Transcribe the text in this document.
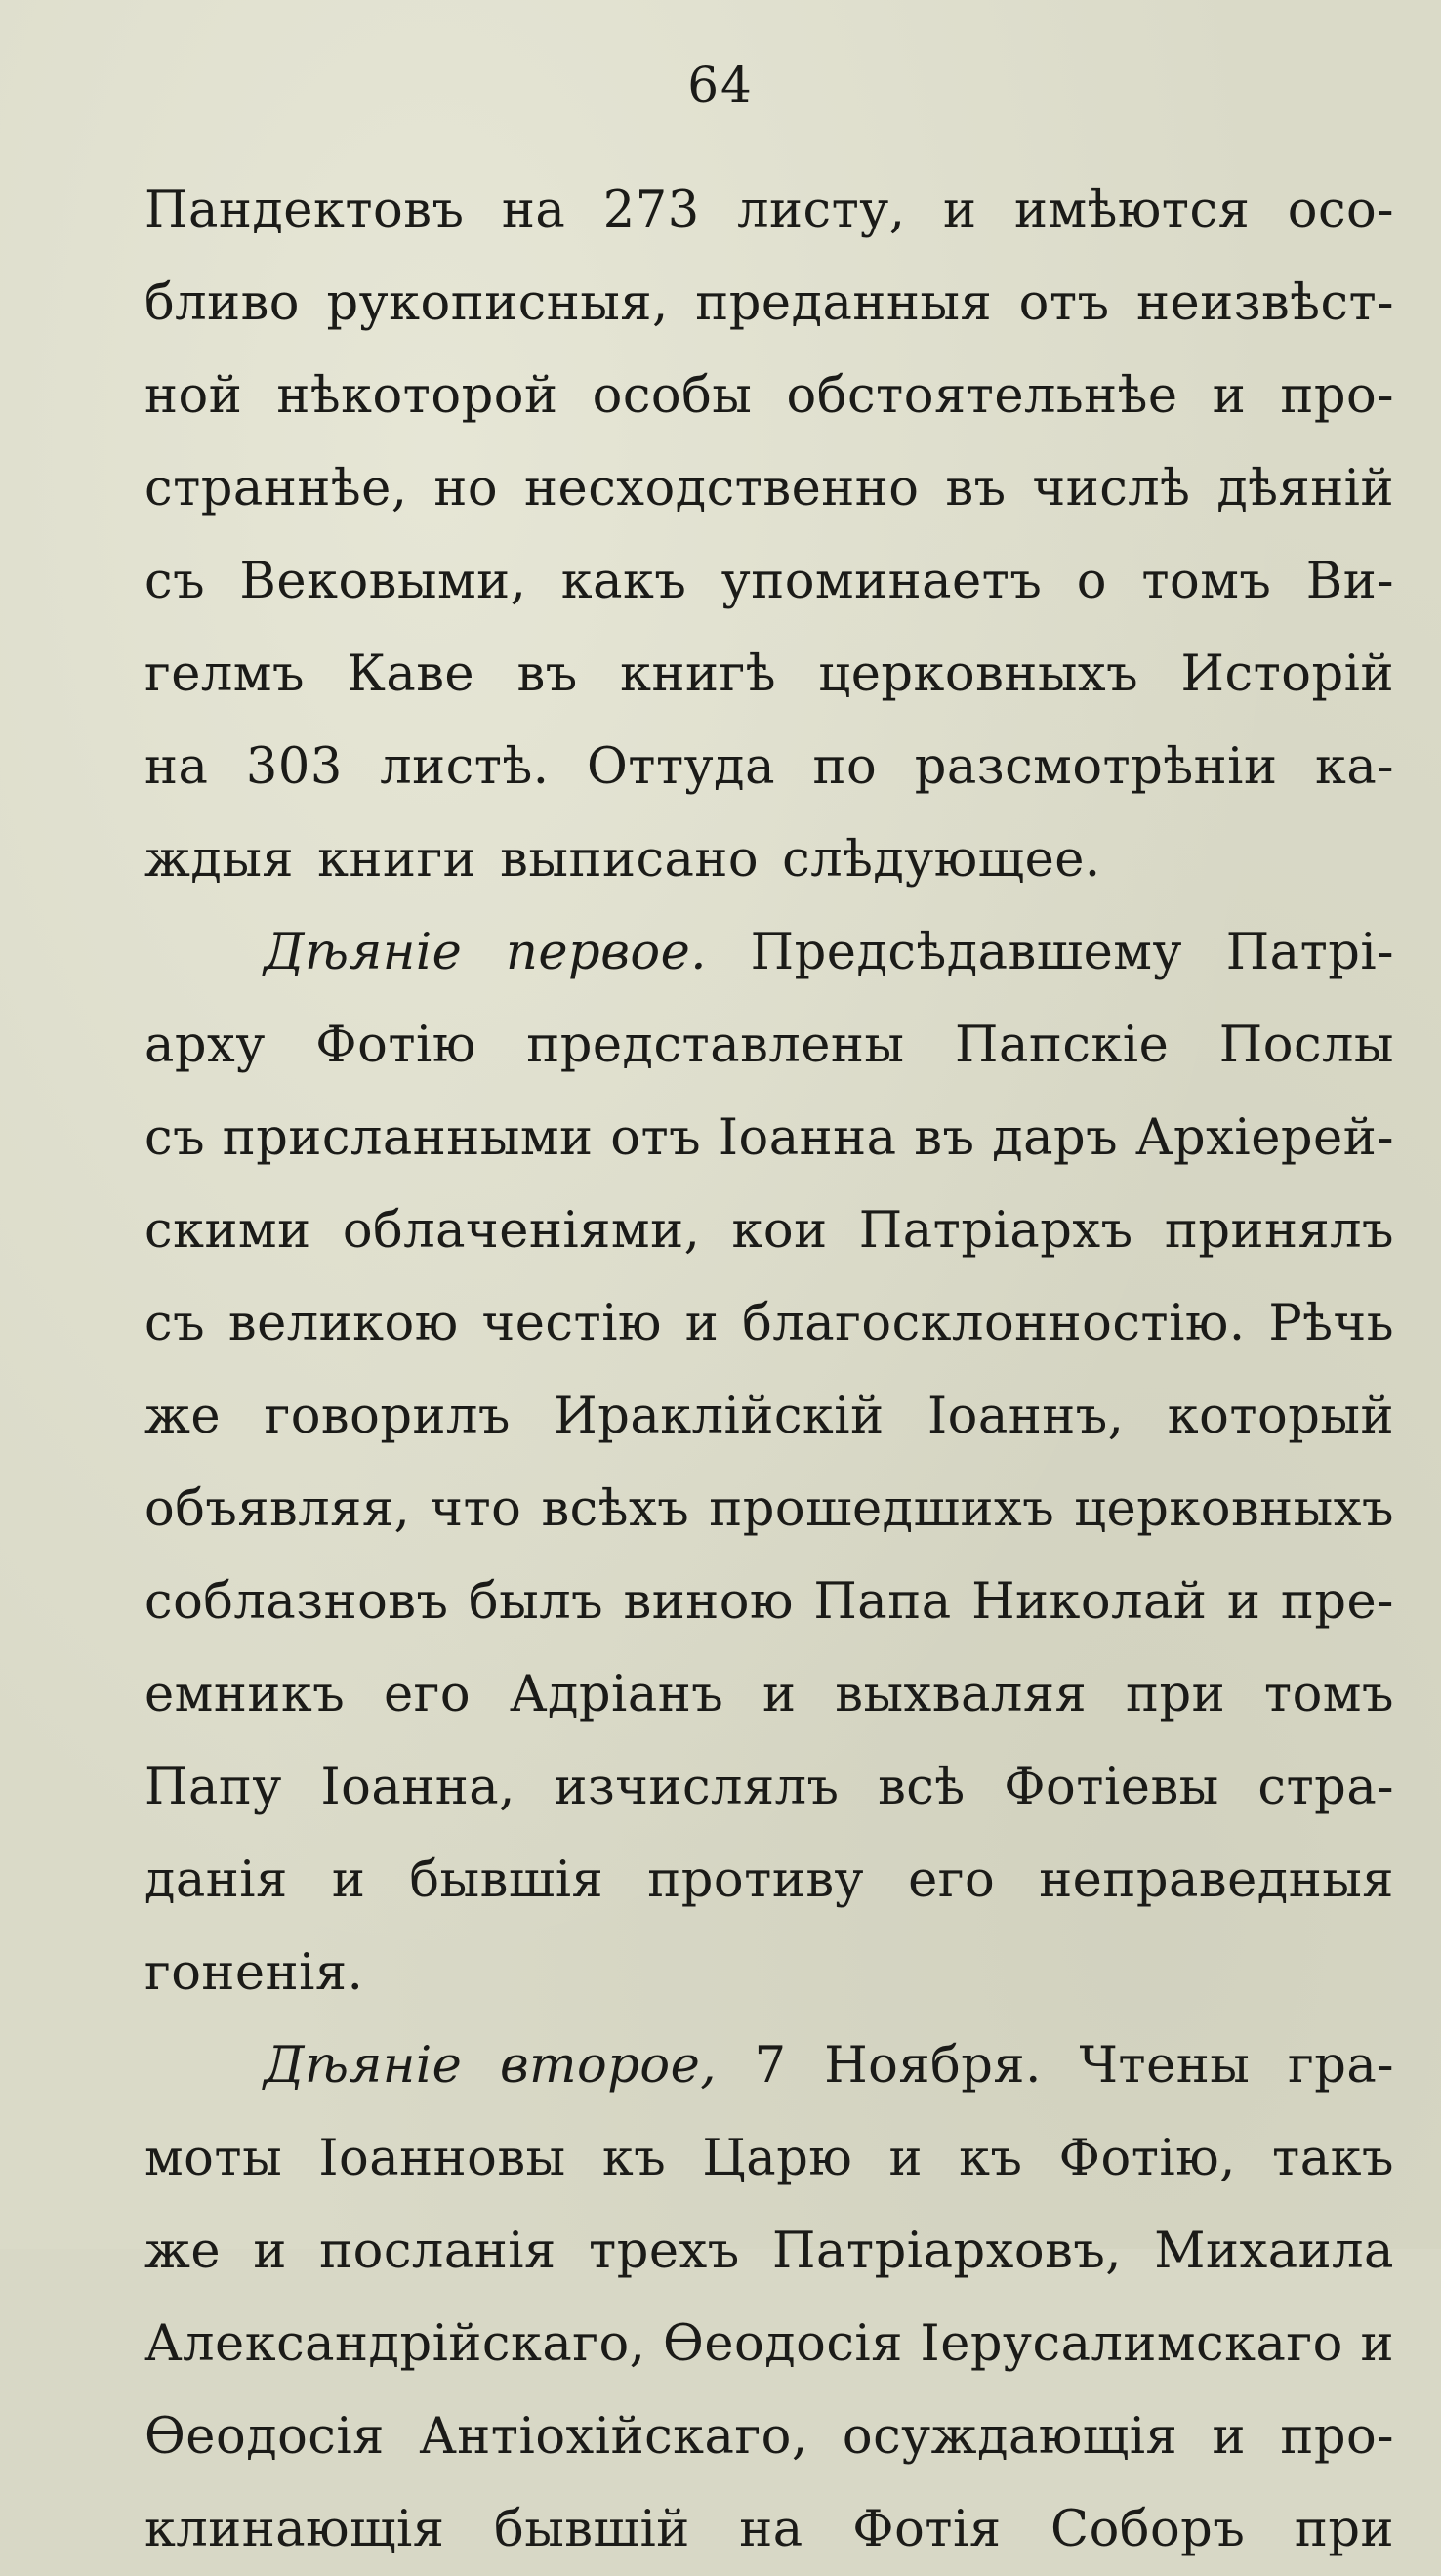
64
Пандектовъ на 273 листу, и имѣются осо-
бливо рукописныя, преданныя отъ неизвѣст-
ной нѣкоторой особы обстоятельнѣе и про-
страннѣе, но несходственно въ числѣ дѣяній
съ Вековыми, какъ упоминаетъ о томъ Ви-
гелмъ Каве въ книгѣ церковныхъ Исторій
на 303 листѣ. Оттуда по разсмотрѣніи ка-
ждыя книги выписано слѣдующее.
Дѣяніе первое. Предсѣдавшему Патрі-
арху Фотію представлены Папскіе Послы
съ присланными отъ Іоанна въ даръ Архіерей-
скими облаченіями, кои Патріархъ принялъ
съ великою честію и благосклонностію. Рѣчь
же говорилъ Ираклійскій Іоаннъ, который
объявляя, что всѣхъ прошедшихъ церковныхъ
соблазновъ былъ виною Папа Николай и пре-
емникъ его Адріанъ и выхваляя при томъ
Папу Іоанна, изчислялъ всѣ Фотіевы стра-
данія и бывшія противу его неправедныя
гоненія.
Дѣяніе второе, 7 Ноября. Чтены гра-
моты Іоанновы къ Царю и къ Фотію, такъ
же и посланія трехъ Патріарховъ, Михаила
Александрійскаго, Ѳеодосія Іерусалимскаго и
Ѳеодосія Антіохійскаго, осуждающія и про-
клинающія бывшій на Фотія Соборъ при
